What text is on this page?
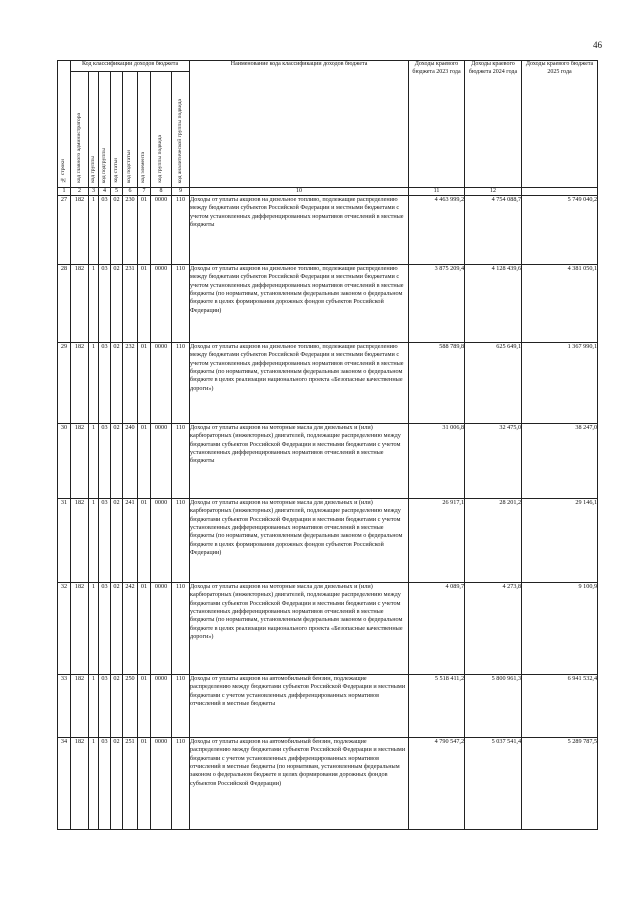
46
№ строки	Код классификации доходов бюджета								Наименование кода классификации доходов бюджета	Доходы краевого бюджета 2023 года	Доходы краевого бюджета 2024 года	Доходы краевого бюджета 2025 года

	код главного администратора	код группы	код подгруппы	код статьи	код подстатьи	код элемента	код группы подвида	код аналитической группы подвида				

1	2	3	4	5	6	7	8	9	10	11	12	
27	182	1	03	02	230	01	0000	110	Доходы от уплаты акцизов на дизельное топливо, подлежащие распределению между бюджетами субъектов Российской Федерации и местными бюджетами с учетом установленных дифференцированных нормативов отчислений в местные бюджеты	4 463 999,2	4 754 088,7	5 749 040,2
28	182	1	03	02	231	01	0000	110	Доходы от уплаты акцизов на дизельное топливо, подлежащие распределению между бюджетами субъектов Российской Федерации и местными бюджетами с учетом установленных дифференцированных нормативов отчислений в местные бюджеты (по нормативам, установленным федеральным законом о федеральном бюджете в целях формирования дорожных фондов субъектов Российской Федерации)	3 875 209,4	4 128 439,6	4 381 050,1
29	182	1	03	02	232	01	0000	110	Доходы от уплаты акцизов на дизельное топливо, подлежащие распределению между бюджетами субъектов Российской Федерации и местными бюджетами с учетом установленных дифференцированных нормативов отчислений в местные бюджеты (по нормативам, установленным федеральным законом о федеральном бюджете в целях реализации национального проекта «Безопасные качественные дороги»)	588 789,8	625 649,1	1 367 990,1
30	182	1	03	02	240	01	0000	110	Доходы от уплаты акцизов на моторные масла для дизельных и (или) карбюраторных (инжекторных) двигателей, подлежащие распределению между бюджетами субъектов Российской Федерации и местными бюджетами с учетом установленных дифференцированных нормативов отчислений в местные бюджеты	31 006,8	32 475,0	38 247,0
31	182	1	03	02	241	01	0000	110	Доходы от уплаты акцизов на моторные масла для дизельных и (или) карбюраторных (инжекторных) двигателей, подлежащие распределению между бюджетами субъектов Российской Федерации и местными бюджетами с учетом установленных дифференцированных нормативов отчислений в местные бюджеты (по нормативам, установленным федеральным законом о федеральном бюджете в целях формирования дорожных фондов субъектов Российской Федерации)	26 917,1	28 201,2	29 146,1
32	182	1	03	02	242	01	0000	110	Доходы от уплаты акцизов на моторные масла для дизельных и (или) карбюраторных (инжекторных) двигателей, подлежащие распределению между бюджетами субъектов Российской Федерации и местными бюджетами с учетом установленных дифференцированных нормативов отчислений в местные бюджеты (по нормативам, установленным федеральным законом о федеральном бюджете в целях реализации национального проекта «Безопасные качественные дороги»)	4 089,7	4 273,8	9 100,9
33	182	1	03	02	250	01	0000	110	Доходы от уплаты акцизов на автомобильный бензин, подлежащие распределению между бюджетами субъектов Российской Федерации и местными бюджетами с учетом установленных дифференцированных нормативов отчислений в местные бюджеты	5 518 411,2	5 800 961,3	6 941 532,4
34	182	1	03	02	251	01	0000	110	Доходы от уплаты акцизов на автомобильный бензин, подлежащие распределению между бюджетами субъектов Российской Федерации и местными бюджетами с учетом установленных дифференцированных нормативов отчислений в местные бюджеты (по нормативам, установленным федеральным законом о федеральном бюджете в целях формирования дорожных фондов субъектов Российской Федерации)	4 790 547,2	5 037 541,4	5 289 787,5
